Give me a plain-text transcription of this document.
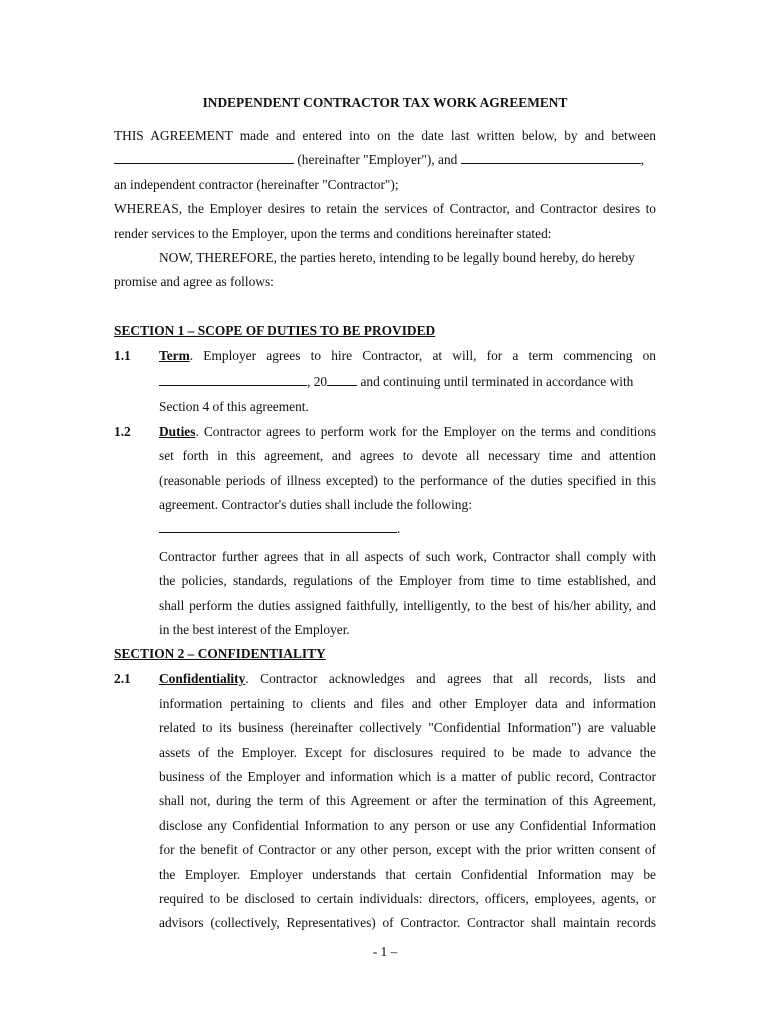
INDEPENDENT CONTRACTOR TAX WORK AGREEMENT
THIS AGREEMENT made and entered into on the date last written below, by and between
(hereinafter "Employer"), and	,
an independent contractor (hereinafter "Contractor");
WHEREAS, the Employer desires to retain the services of Contractor, and Contractor desires to
render services to the Employer, upon the terms and conditions hereinafter stated:
NOW, THEREFORE, the parties hereto, intending to be legally bound hereby, do hereby
promise and agree as follows:
SECTION 1 – SCOPE OF DUTIES TO BE PROVIDED
1.1 Term. Employer agrees to hire Contractor, at will, for a term commencing on
, 20 and continuing until terminated in accordance with
Section 4 of this agreement.
1.2 Duties. Contractor agrees to perform work for the Employer on the terms and conditions
set forth in this agreement, and agrees to devote all necessary time and attention
(reasonable periods of illness excepted) to the performance of the duties specified in this
agreement. Contractor's duties shall include the following:
.
Contractor further agrees that in all aspects of such work, Contractor shall comply with
the policies, standards, regulations of the Employer from time to time established, and
shall perform the duties assigned faithfully, intelligently, to the best of his/her ability, and
in the best interest of the Employer.
SECTION 2 – CONFIDENTIALITY
2.1 Confidentiality. Contractor acknowledges and agrees that all records, lists and
information pertaining to clients and files and other Employer data and information
related to its business (hereinafter collectively "Confidential Information") are valuable
assets of the Employer. Except for disclosures required to be made to advance the
business of the Employer and information which is a matter of public record, Contractor
shall not, during the term of this Agreement or after the termination of this Agreement,
disclose any Confidential Information to any person or use any Confidential Information
for the benefit of Contractor or any other person, except with the prior written consent of
the Employer. Employer understands that certain Confidential Information may be
required to be disclosed to certain individuals: directors, officers, employees, agents, or
advisors (collectively, Representatives) of Contractor. Contractor shall maintain records
- 1 –
